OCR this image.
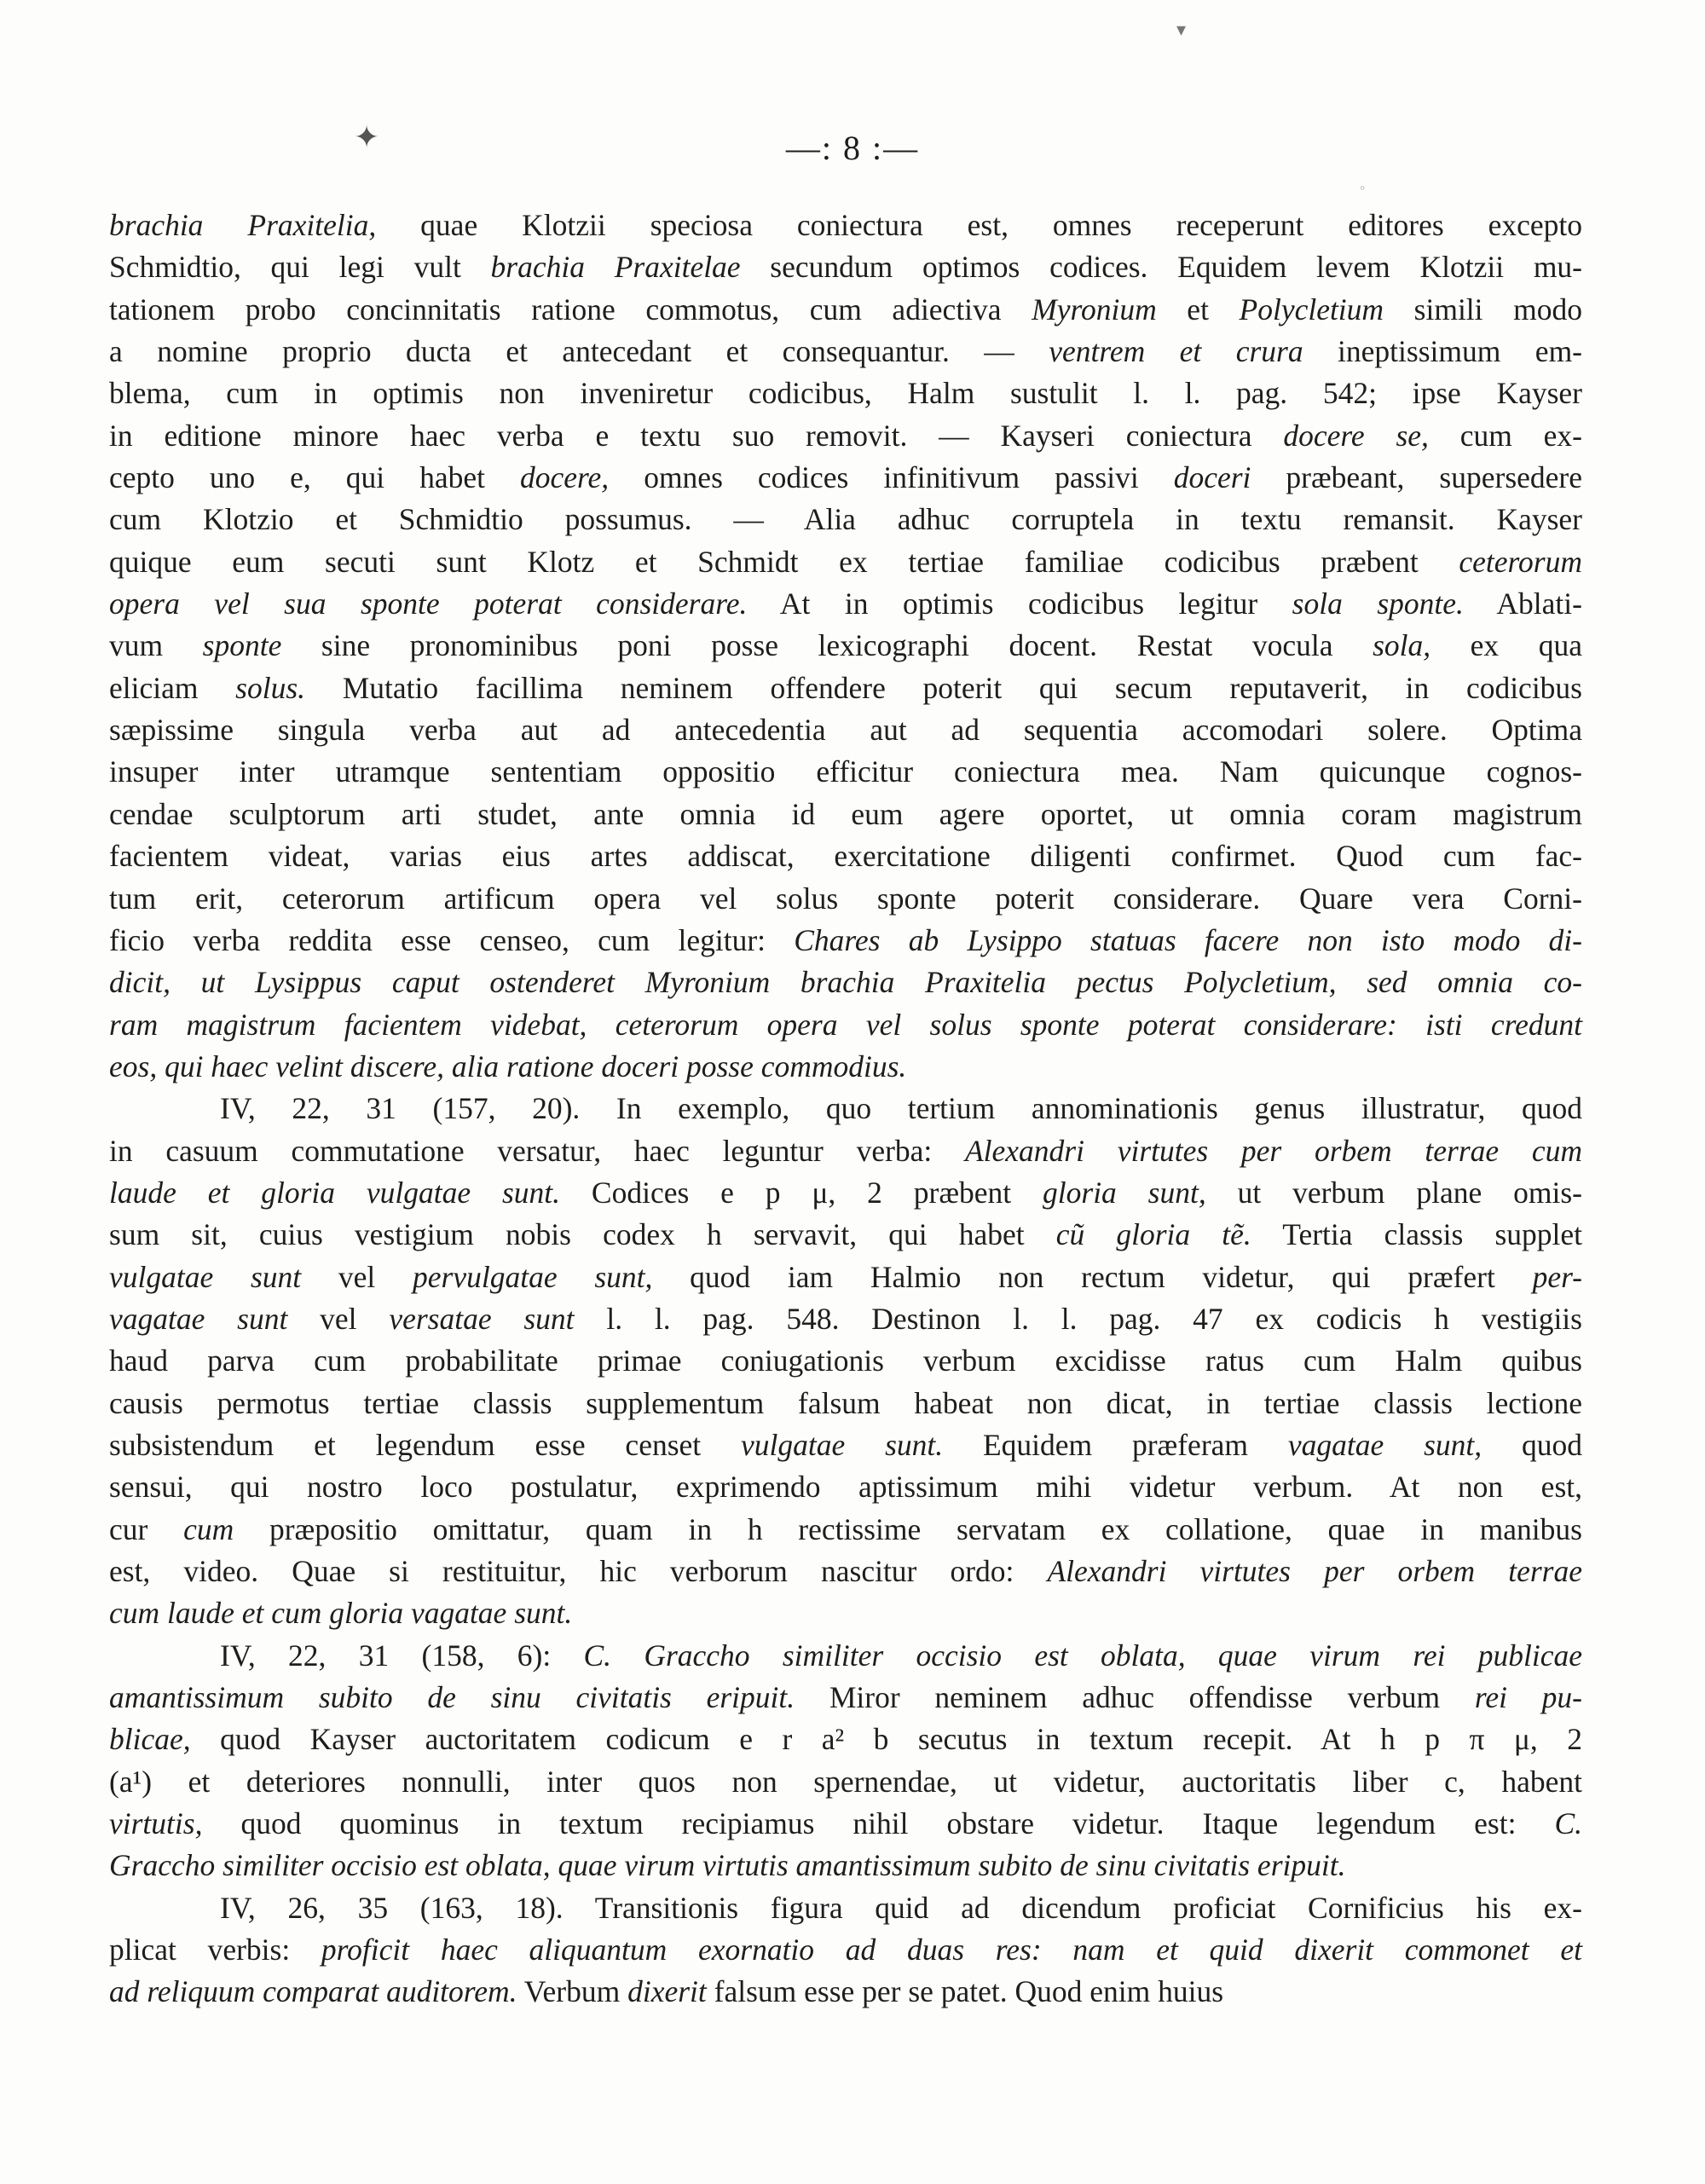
✦
▾
◦
—: 8 :—
brachia Praxitelia, quae Klotzii speciosa coniectura est, omnes receperunt editores excepto
Schmidtio, qui legi vult brachia Praxitelae secundum optimos codices. Equidem levem Klotzii mu-
tationem probo concinnitatis ratione commotus, cum adiectiva Myronium et Polycletium simili modo
a nomine proprio ducta et antecedant et consequantur. — ventrem et crura ineptissimum em-
blema, cum in optimis non inveniretur codicibus, Halm sustulit l. l. pag. 542; ipse Kayser
in editione minore haec verba e textu suo removit. — Kayseri coniectura docere se, cum ex-
cepto uno e, qui habet docere, omnes codices infinitivum passivi doceri præbeant, supersedere
cum Klotzio et Schmidtio possumus. — Alia adhuc corruptela in textu remansit. Kayser
quique eum secuti sunt Klotz et Schmidt ex tertiae familiae codicibus præbent ceterorum
opera vel sua sponte poterat considerare. At in optimis codicibus legitur sola sponte. Ablati-
vum sponte sine pronominibus poni posse lexicographi docent. Restat vocula sola, ex qua
eliciam solus. Mutatio facillima neminem offendere poterit qui secum reputaverit, in codicibus
sæpissime singula verba aut ad antecedentia aut ad sequentia accomodari solere. Optima
insuper inter utramque sententiam oppositio efficitur coniectura mea. Nam quicunque cognos-
cendae sculptorum arti studet, ante omnia id eum agere oportet, ut omnia coram magistrum
facientem videat, varias eius artes addiscat, exercitatione diligenti confirmet. Quod cum fac-
tum erit, ceterorum artificum opera vel solus sponte poterit considerare. Quare vera Corni-
ficio verba reddita esse censeo, cum legitur: Chares ab Lysippo statuas facere non isto modo di-
dicit, ut Lysippus caput ostenderet Myronium brachia Praxitelia pectus Polycletium, sed omnia co-
ram magistrum facientem videbat, ceterorum opera vel solus sponte poterat considerare: isti credunt
eos, qui haec velint discere, alia ratione doceri posse commodius.
IV, 22, 31 (157, 20). In exemplo, quo tertium annominationis genus illustratur, quod
in casuum commutatione versatur, haec leguntur verba: Alexandri virtutes per orbem terrae cum
laude et gloria vulgatae sunt. Codices e p μ, 2 præbent gloria sunt, ut verbum plane omis-
sum sit, cuius vestigium nobis codex h servavit, qui habet cũ gloria tẽ. Tertia classis supplet
vulgatae sunt vel pervulgatae sunt, quod iam Halmio non rectum videtur, qui præfert per-
vagatae sunt vel versatae sunt l. l. pag. 548. Destinon l. l. pag. 47 ex codicis h vestigiis
haud parva cum probabilitate primae coniugationis verbum excidisse ratus cum Halm quibus
causis permotus tertiae classis supplementum falsum habeat non dicat, in tertiae classis lectione
subsistendum et legendum esse censet vulgatae sunt. Equidem præferam vagatae sunt, quod
sensui, qui nostro loco postulatur, exprimendo aptissimum mihi videtur verbum. At non est,
cur cum præpositio omittatur, quam in h rectissime servatam ex collatione, quae in manibus
est, video. Quae si restituitur, hic verborum nascitur ordo: Alexandri virtutes per orbem terrae
cum laude et cum gloria vagatae sunt.
IV, 22, 31 (158, 6): C. Graccho similiter occisio est oblata, quae virum rei publicae
amantissimum subito de sinu civitatis eripuit. Miror neminem adhuc offendisse verbum rei pu-
blicae, quod Kayser auctoritatem codicum e r a² b secutus in textum recepit. At h p π μ, 2
(a¹) et deteriores nonnulli, inter quos non spernendae, ut videtur, auctoritatis liber c, habent
virtutis, quod quominus in textum recipiamus nihil obstare videtur. Itaque legendum est: C.
Graccho similiter occisio est oblata, quae virum virtutis amantissimum subito de sinu civitatis eripuit.
IV, 26, 35 (163, 18). Transitionis figura quid ad dicendum proficiat Cornificius his ex-
plicat verbis: proficit haec aliquantum exornatio ad duas res: nam et quid dixerit commonet et
ad reliquum comparat auditorem. Verbum dixerit falsum esse per se patet. Quod enim huius
